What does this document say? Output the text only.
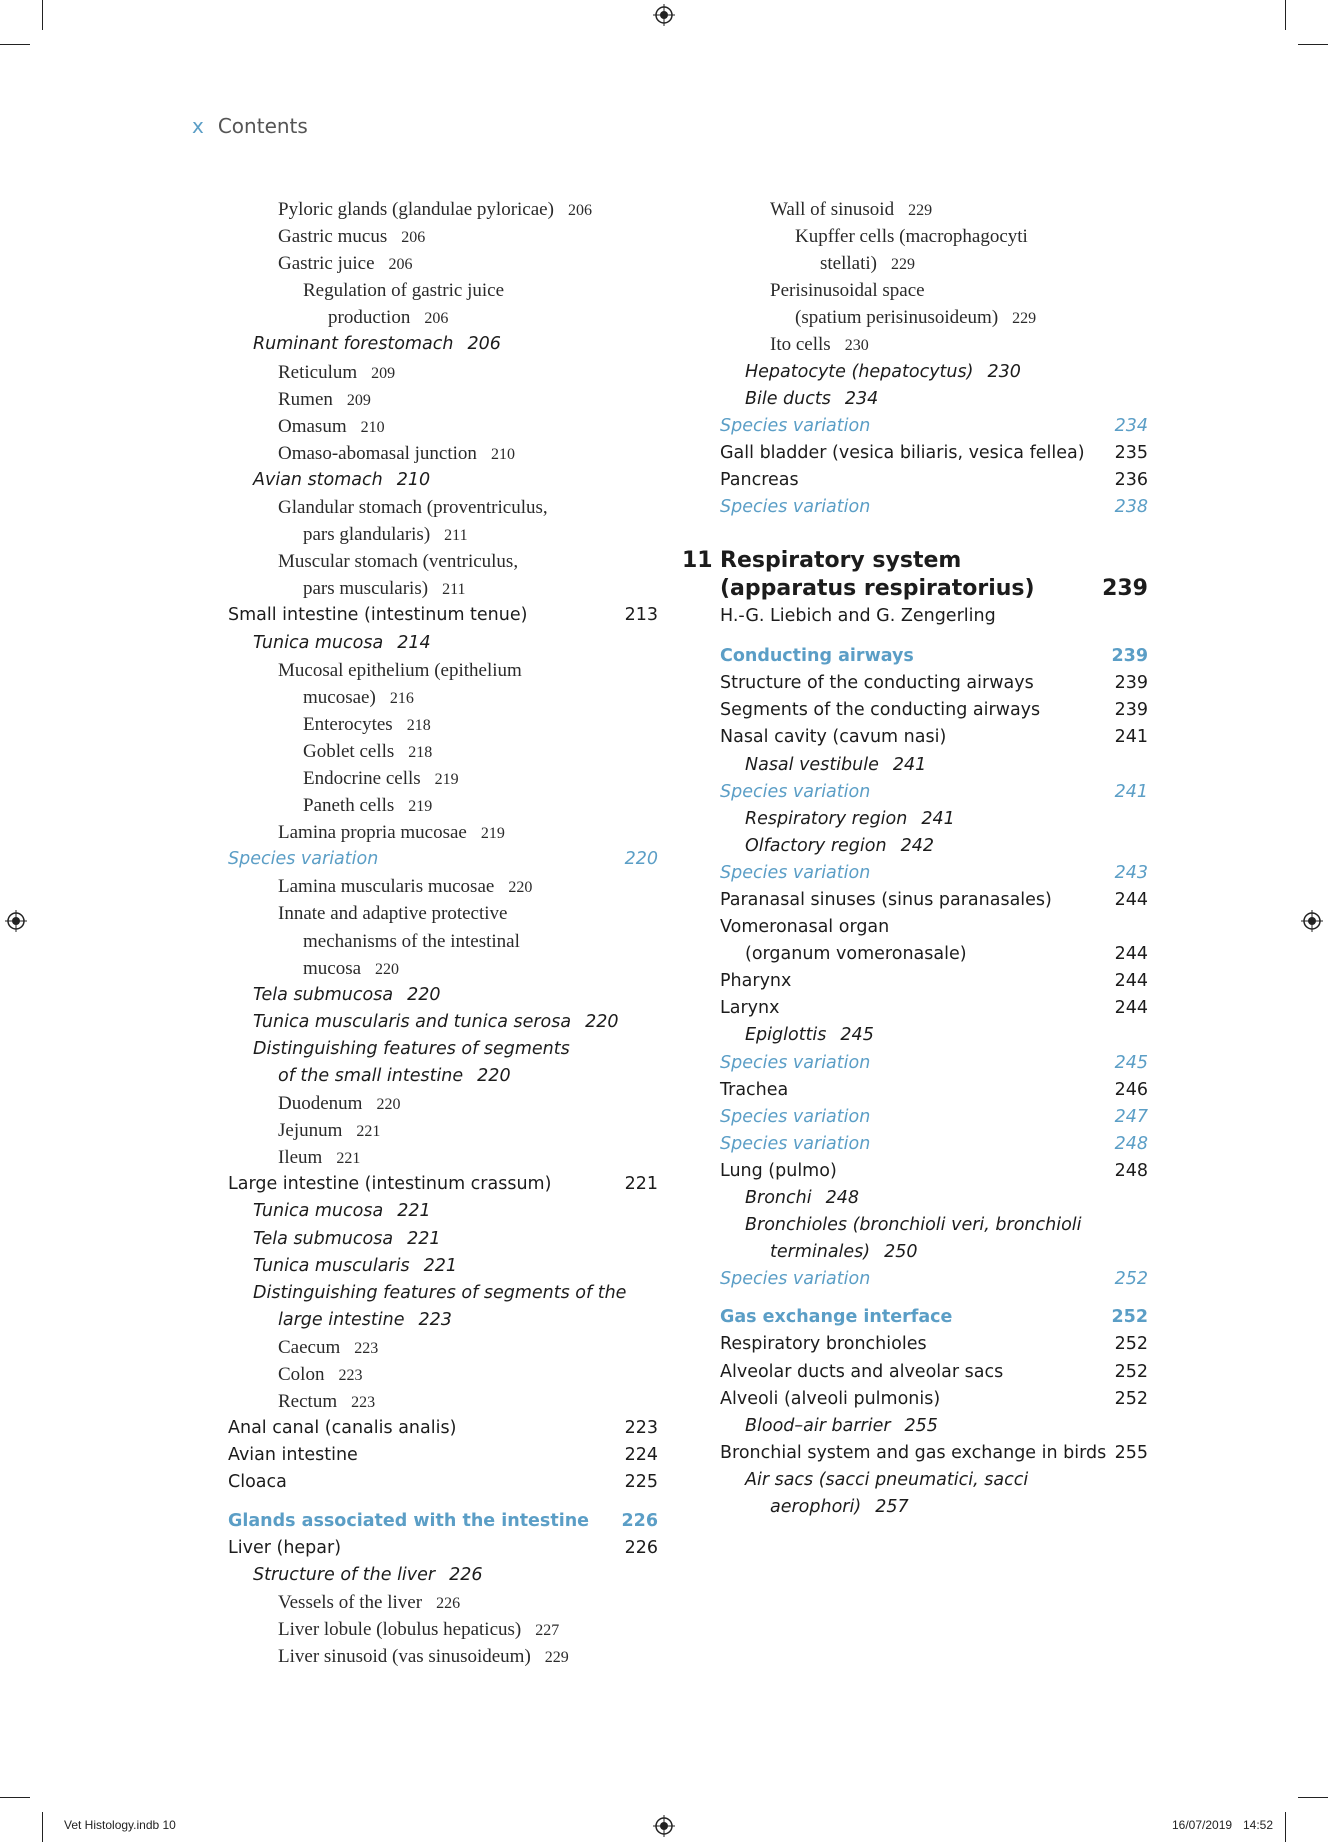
x Contents
Pyloric glands (glandulae pyloricae) 206
Gastric mucus 206
Gastric juice 206
Regulation of gastric juice
production 206
Ruminant forestomach 206
Reticulum 209
Rumen 209
Omasum 210
Omaso-abomasal junction 210
Avian stomach 210
Glandular stomach (proventriculus,
pars glandularis) 211
Muscular stomach (ventriculus,
pars muscularis) 211
Small intestine (intestinum tenue)	213
Tunica mucosa 214
Mucosal epithelium (epithelium
mucosae) 216
Enterocytes 218
Goblet cells 218
Endocrine cells 219
Paneth cells 219
Lamina propria mucosae 219
Species variation	220
Lamina muscularis mucosae 220
Innate and adaptive protective
mechanisms of the intestinal
mucosa 220
Tela submucosa 220
Tunica muscularis and tunica serosa 220
Distinguishing features of segments
of the small intestine 220
Duodenum 220
Jejunum 221
Ileum 221
Large intestine (intestinum crassum)	221
Tunica mucosa 221
Tela submucosa 221
Tunica muscularis 221
Distinguishing features of segments of the
large intestine 223
Caecum 223
Colon 223
Rectum 223
Anal canal (canalis analis)	223
Avian intestine	224
Cloaca	225
Glands associated with the intestine 226
Liver (hepar)	226
Structure of the liver 226
Vessels of the liver 226
Liver lobule (lobulus hepaticus) 227
Liver sinusoid (vas sinusoideum) 229
Wall of sinusoid 229
Kupffer cells (macrophagocyti
stellati) 229
Perisinusoidal space
(spatium perisinusoideum) 229
Ito cells 230
Hepatocyte (hepatocytus) 230
Bile ducts 234
Species variation	234
Gall bladder (vesica biliaris, vesica fellea) 235
Pancreas	236
Species variation	238
11 Respiratory system
(apparatus respiratorius)	239
H.-G. Liebich and G. Zengerling
Conducting airways	239
Structure of the conducting airways	239
Segments of the conducting airways	239
Nasal cavity (cavum nasi)	241
Nasal vestibule 241
Species variation	241
Respiratory region 241
Olfactory region 242
Species variation	243
Paranasal sinuses (sinus paranasales)	244
Vomeronasal organ
(organum vomeronasale)	244
Pharynx	244
Larynx	244
Epiglottis 245
Species variation	245
Trachea	246
Species variation	247
Species variation	248
Lung (pulmo)	248
Bronchi 248
Bronchioles (bronchioli veri, bronchioli
terminales) 250
Species variation	252
Gas exchange interface	252
Respiratory bronchioles	252
Alveolar ducts and alveolar sacs	252
Alveoli (alveoli pulmonis)	252
Blood–air barrier 255
Bronchial system and gas exchange in birds 255
Air sacs (sacci pneumatici, sacci
aerophori) 257
Vet Histology.indb 10	16/07/2019 14:52
